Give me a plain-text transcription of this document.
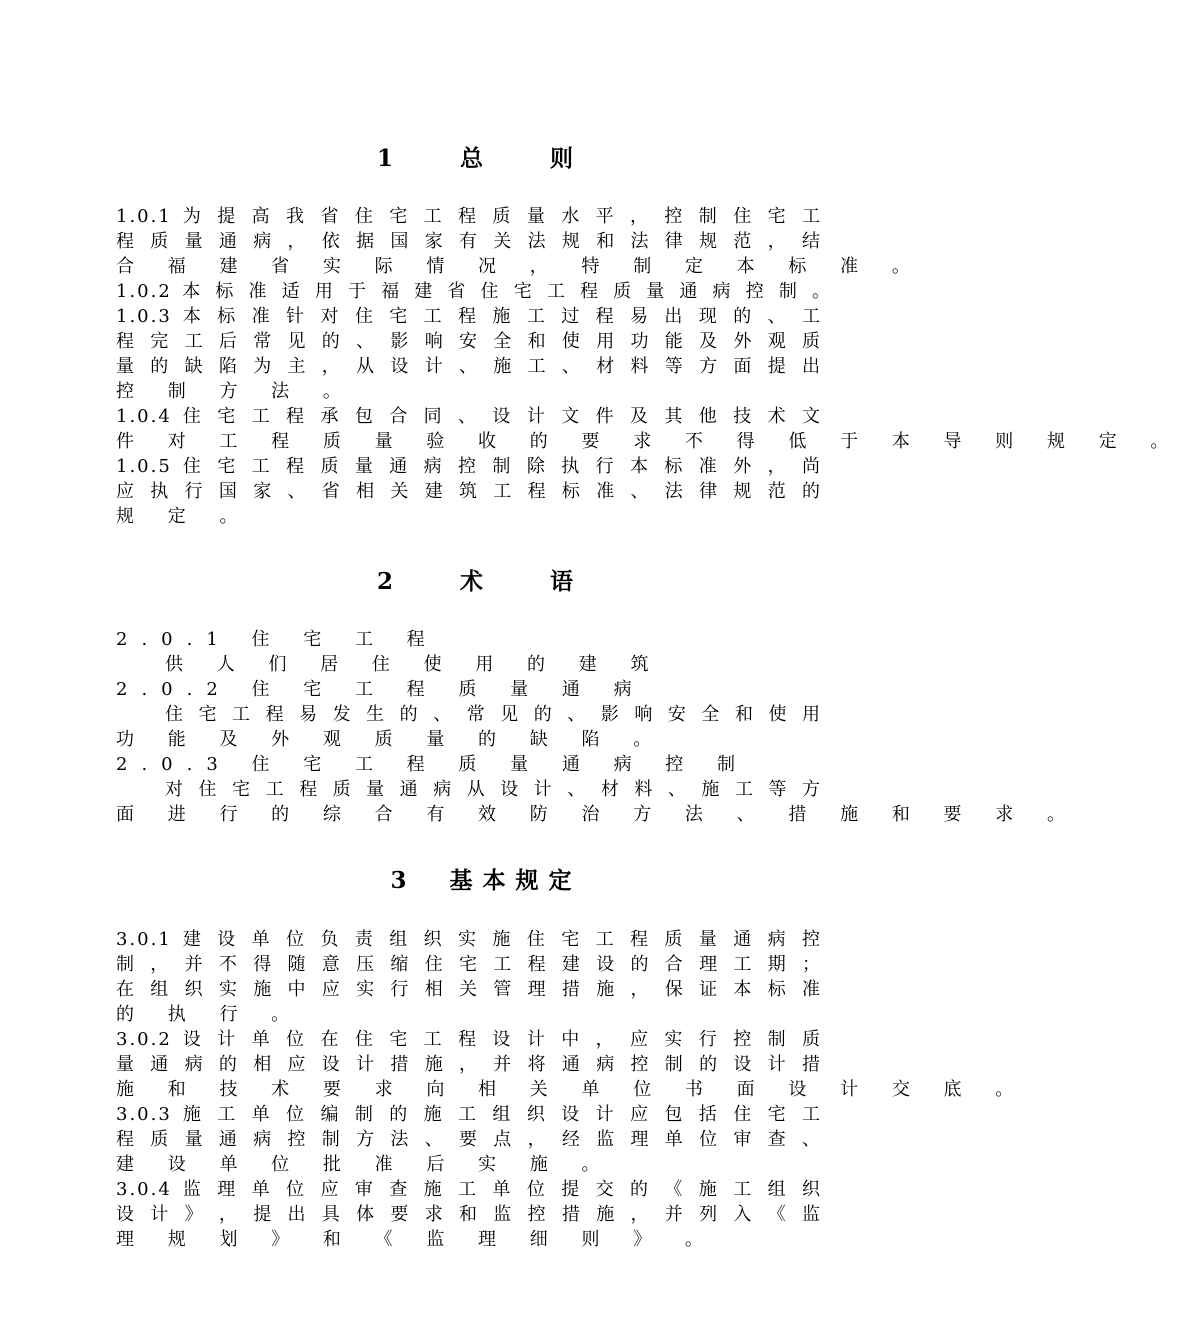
1　总　则
1.0.1 为 提 高 我 省 住 宅 工 程 质 量 水 平 ， 控 制 住 宅 工
程 质 量 通 病 ， 依 据 国 家 有 关 法 规 和 法 律 规 范 ， 结
合 福 建 省 实 际 情 况 ， 特 制 定 本 标 准 。
1.0.2 本 标 准 适 用 于 福 建 省 住 宅 工 程 质 量 通 病 控 制 。
1.0.3 本 标 准 针 对 住 宅 工 程 施 工 过 程 易 出 现 的 、 工
程 完 工 后 常 见 的 、 影 响 安 全 和 使 用 功 能 及 外 观 质
量 的 缺 陷 为 主 ， 从 设 计 、 施 工 、 材 料 等 方 面 提 出
控 制 方 法 。
1.0.4 住 宅 工 程 承 包 合 同 、 设 计 文 件 及 其 他 技 术 文
件 对 工 程 质 量 验 收 的 要 求 不 得 低 于 本 导 则 规 定 。
1.0.5 住 宅 工 程 质 量 通 病 控 制 除 执 行 本 标 准 外 ， 尚
应 执 行 国 家 、 省 相 关 建 筑 工 程 标 准 、 法 律 规 范 的
规 定 。
2　术　语
2.0.1 住 宅 工 程
供 人 们 居 住 使 用 的 建 筑
2.0.2 住 宅 工 程 质 量 通 病
住 宅 工 程 易 发 生 的 、 常 见 的 、 影 响 安 全 和 使 用
功 能 及 外 观 质 量 的 缺 陷 。
2.0.3 住 宅 工 程 质 量 通 病 控 制
对 住 宅 工 程 质 量 通 病 从 设 计 、 材 料 、 施 工 等 方
面 进 行 的 综 合 有 效 防 治 方 法 、 措 施 和 要 求 。
3　基本规定
3.0.1 建 设 单 位 负 责 组 织 实 施 住 宅 工 程 质 量 通 病 控
制 ， 并 不 得 随 意 压 缩 住 宅 工 程 建 设 的 合 理 工 期 ；
在 组 织 实 施 中 应 实 行 相 关 管 理 措 施 ， 保 证 本 标 准
的 执 行 。
3.0.2 设 计 单 位 在 住 宅 工 程 设 计 中 ， 应 实 行 控 制 质
量 通 病 的 相 应 设 计 措 施 ， 并 将 通 病 控 制 的 设 计 措
施 和 技 术 要 求 向 相 关 单 位 书 面 设 计 交 底 。
3.0.3 施 工 单 位 编 制 的 施 工 组 织 设 计 应 包 括 住 宅 工
程 质 量 通 病 控 制 方 法 、 要 点 ， 经 监 理 单 位 审 查 、
建 设 单 位 批 准 后 实 施 。
3.0.4 监 理 单 位 应 审 查 施 工 单 位 提 交 的 《 施 工 组 织
设 计 》 ， 提 出 具 体 要 求 和 监 控 措 施 ， 并 列 入 《 监
理 规 划 》 和 《 监 理 细 则 》 。
